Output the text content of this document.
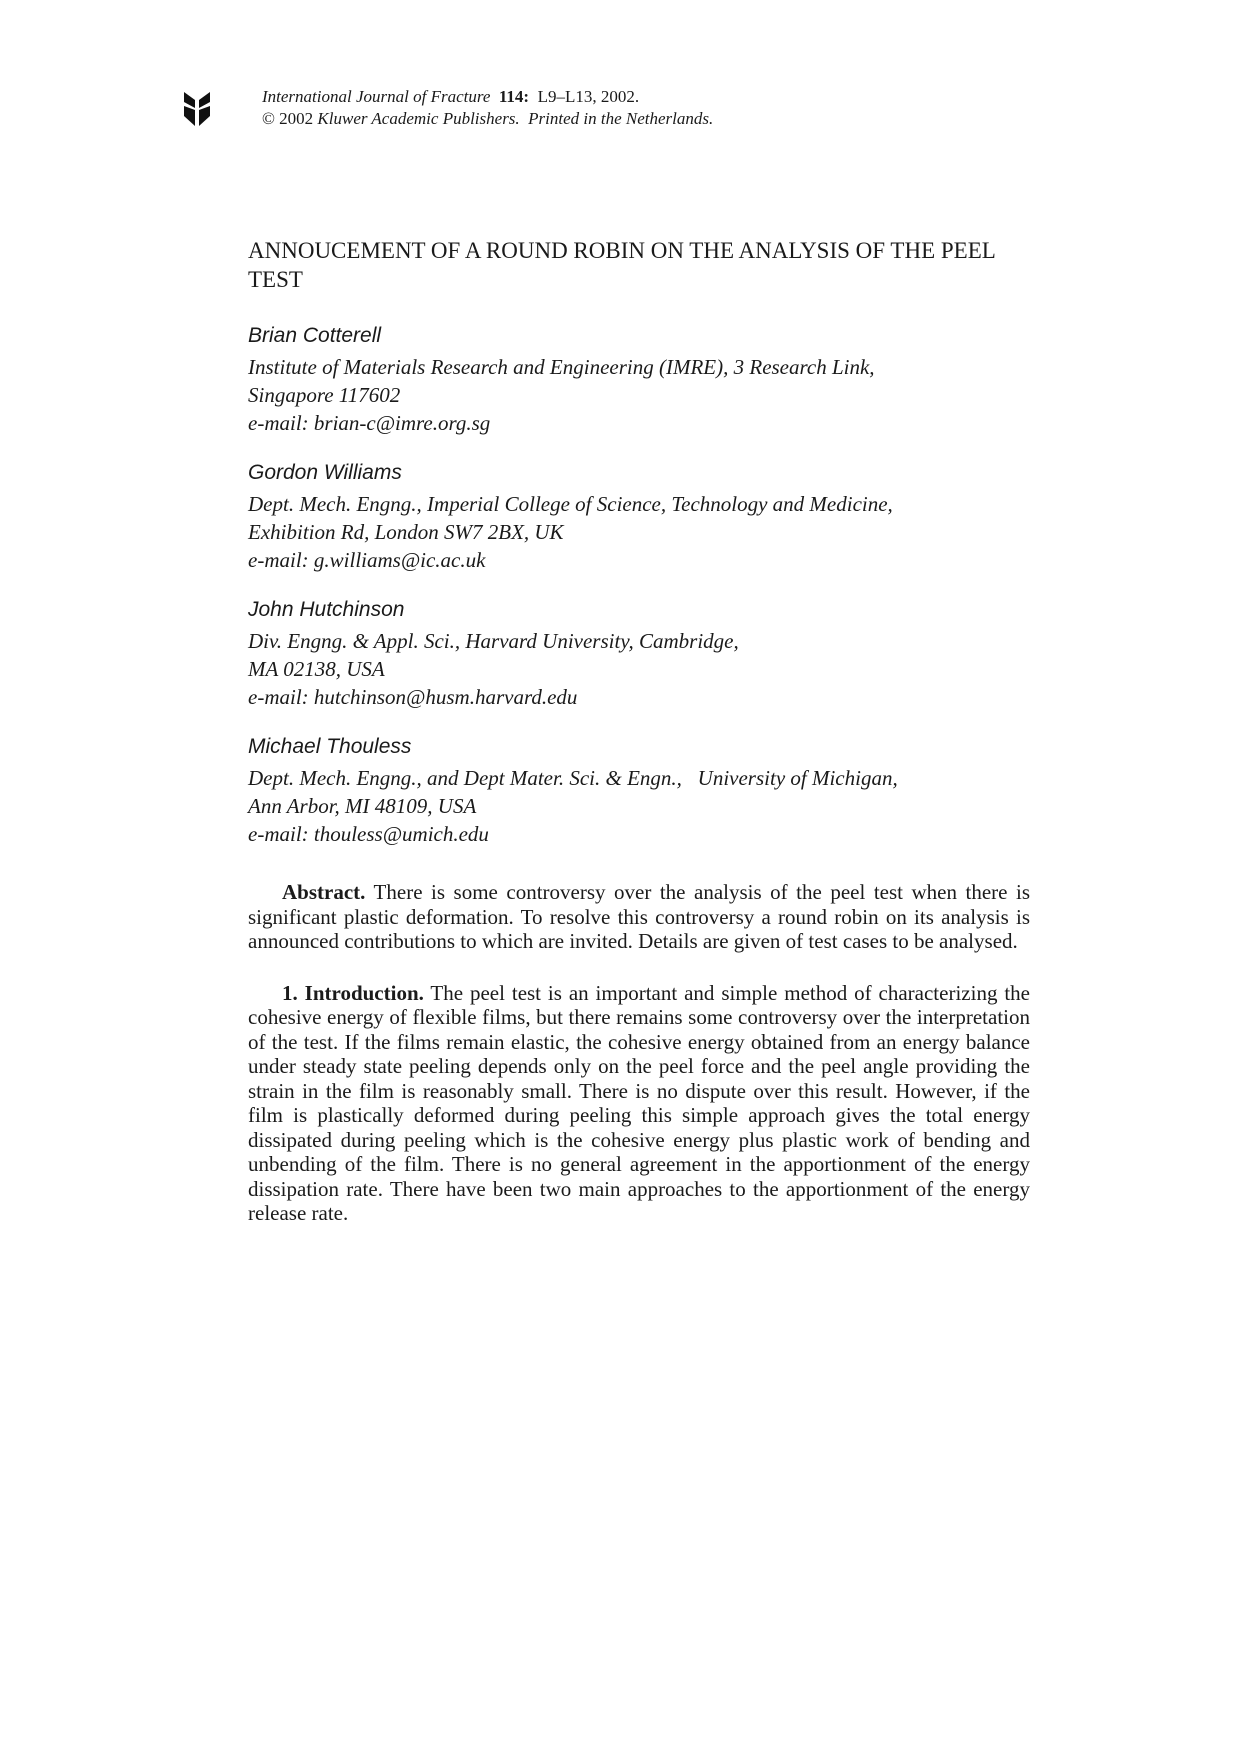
International Journal of Fracture 114: L9–L13, 2002.
© 2002 Kluwer Academic Publishers. Printed in the Netherlands.
ANNOUCEMENT OF A ROUND ROBIN ON THE ANALYSIS OF THE PEEL TEST
Brian Cotterell
Institute of Materials Research and Engineering (IMRE), 3 Research Link,
Singapore 117602
e-mail: brian-c@imre.org.sg
Gordon Williams
Dept. Mech. Engng., Imperial College of Science, Technology and Medicine,
Exhibition Rd, London SW7 2BX, UK
e-mail: g.williams@ic.ac.uk
John Hutchinson
Div. Engng. & Appl. Sci., Harvard University, Cambridge,
MA 02138, USA
e-mail: hutchinson@husm.harvard.edu
Michael Thouless
Dept. Mech. Engng., and Dept Mater. Sci. & Engn.,   University of Michigan,
Ann Arbor, MI 48109, USA
e-mail: thouless@umich.edu

Abstract. There is some controversy over the analysis of the peel test when there is significant plastic deformation. To resolve this controversy a round robin on its analysis is announced contributions to which are invited. Details are given of test cases to be analysed.

1. Introduction. The peel test is an important and simple method of characterizing the cohesive energy of flexible films, but there remains some controversy over the interpretation of the test. If the films remain elastic, the cohesive energy obtained from an energy balance under steady state peeling depends only on the peel force and the peel angle providing the strain in the film is reasonably small. There is no dispute over this result. However, if the film is plastically deformed during peeling this simple approach gives the total energy dissipated during peeling which is the cohesive energy plus plastic work of bending and unbending of the film. There is no general agreement in the apportionment of the energy dissipation rate. There have been two main approaches to the apportionment of the energy release rate.
